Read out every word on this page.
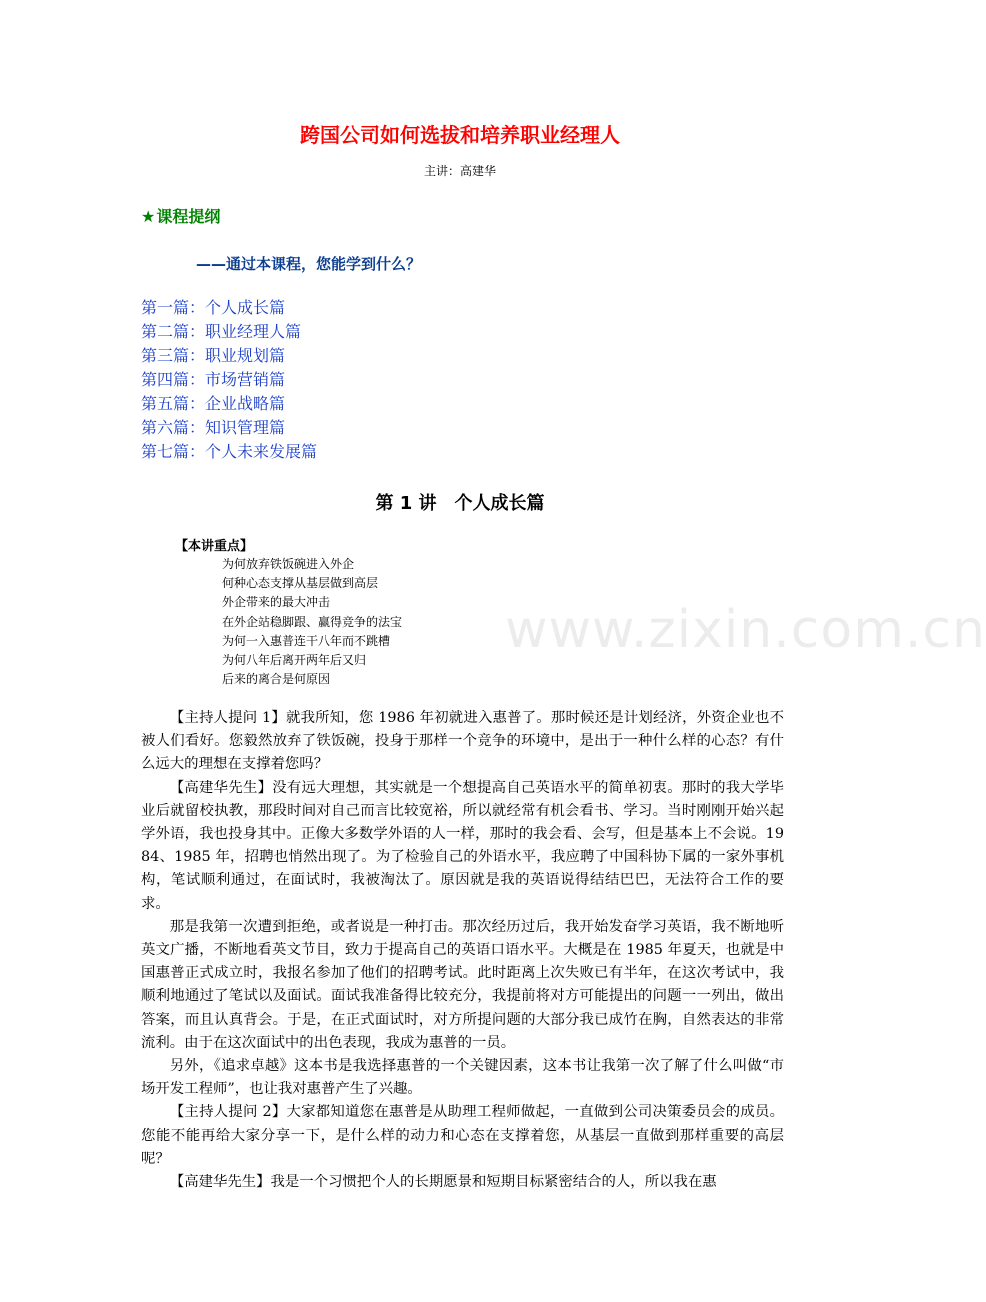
跨国公司如何选拔和培养职业经理人
主讲：高建华
★课程提纲
——通过本课程，您能学到什么？
第一篇：个人成长篇
第二篇：职业经理人篇
第三篇：职业规划篇
第四篇：市场营销篇
第五篇：企业战略篇
第六篇：知识管理篇
第七篇：个人未来发展篇
第 1 讲　个人成长篇
【本讲重点】
为何放弃铁饭碗进入外企
何种心态支撑从基层做到高层
外企带来的最大冲击
在外企站稳脚跟、赢得竞争的法宝
为何一入惠普连干八年而不跳槽
为何八年后离开两年后又归
后来的离合是何原因
www.zixin.com.cn

【主持人提问 1】就我所知，您 1986 年初就进入惠普了。那时候还是计划经济，外资企业也不被人们看好。您毅然放弃了铁饭碗，投身于那样一个竞争的环境中，是出于一种什么样的心态？有什么远大的理想在支撑着您吗？

【高建华先生】没有远大理想，其实就是一个想提高自己英语水平的简单初衷。那时的我大学毕业后就留校执教，那段时间对自己而言比较宽裕，所以就经常有机会看书、学习。当时刚刚开始兴起学外语，我也投身其中。正像大多数学外语的人一样，那时的我会看、会写，但是基本上不会说。1984、1985 年，招聘也悄然出现了。为了检验自己的外语水平，我应聘了中国科协下属的一家外事机构，笔试顺利通过，在面试时，我被淘汰了。原因就是我的英语说得结结巴巴，无法符合工作的要求。

那是我第一次遭到拒绝，或者说是一种打击。那次经历过后，我开始发奋学习英语，我不断地听英文广播，不断地看英文节目，致力于提高自己的英语口语水平。大概是在 1985 年夏天，也就是中国惠普正式成立时，我报名参加了他们的招聘考试。此时距离上次失败已有半年，在这次考试中，我顺利地通过了笔试以及面试。面试我准备得比较充分，我提前将对方可能提出的问题一一列出，做出答案，而且认真背会。于是，在正式面试时，对方所提问题的大部分我已成竹在胸，自然表达的非常流利。由于在这次面试中的出色表现，我成为惠普的一员。

另外，《追求卓越》这本书是我选择惠普的一个关键因素，这本书让我第一次了解了什么叫做“市场开发工程师”，也让我对惠普产生了兴趣。

【主持人提问 2】大家都知道您在惠普是从助理工程师做起，一直做到公司决策委员会的成员。您能不能再给大家分享一下，是什么样的动力和心态在支撑着您，从基层一直做到那样重要的高层呢？

【高建华先生】我是一个习惯把个人的长期愿景和短期目标紧密结合的人，所以我在惠
